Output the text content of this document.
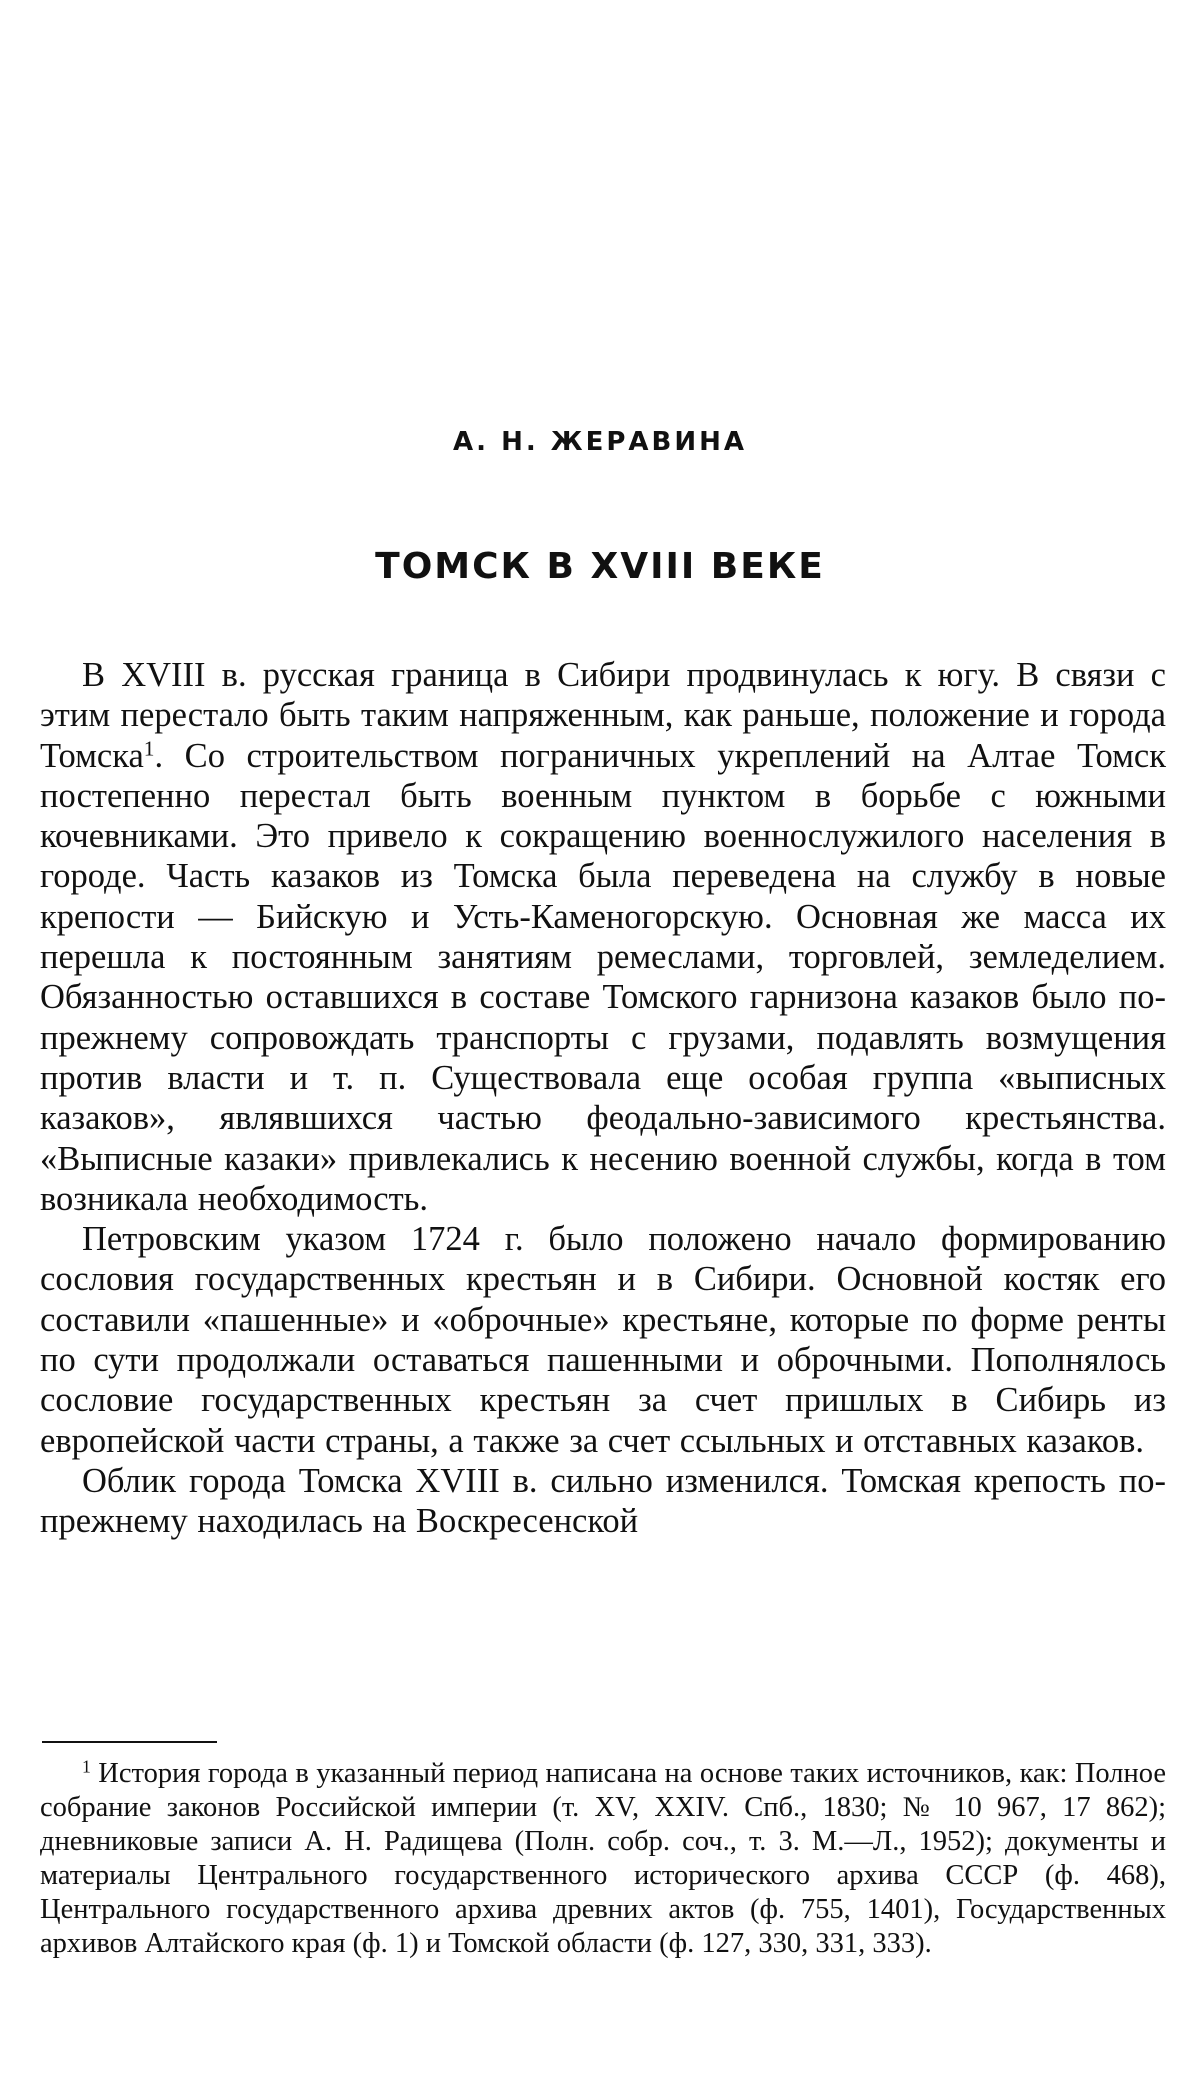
А. Н. ЖЕРАВИНА
ТОМСК В XVIII ВЕКЕ

В XVIII в. русская граница в Сибири продвинулась к югу. В связи с этим перестало быть таким напряженным, как раньше, положение и города Томска$^1$. Со строительством пограничных укреплений на Алтае Томск постепенно перестал быть военным пунктом в борьбе с южными кочевниками. Это привело к сокращению военнослужилого населения в городе. Часть казаков из Томска была переведена на службу в новые крепости — Бийскую и Усть-Каменогорскую. Основная же масса их перешла к постоянным занятиям ремеслами, торговлей, земледелием. Обязанностью оставшихся в составе Томского гарнизона казаков было по-прежнему сопровождать транспорты с грузами, подавлять возмущения против власти и т. п. Существовала еще особая группа «выписных казаков», являвшихся частью феодально-зависимого крестьянства. «Выписные казаки» привлекались к несению военной службы, когда в том возникала необходимость.

Петровским указом 1724 г. было положено начало формированию сословия государственных крестьян и в Сибири. Основной костяк его составили «пашенные» и «оброчные» крестьяне, которые по форме ренты по сути продолжали оставаться пашенными и оброчными. Пополнялось сословие государственных крестьян за счет пришлых в Сибирь из европейской части страны, а также за счет ссыльных и отставных казаков.

Облик города Томска XVIII в. сильно изменился. Томская крепость по-прежнему находилась на Воскресенской

$^1$ История города в указанный период написана на основе таких источников, как: Полное собрание законов Российской империи (т. XV, XXIV. Спб., 1830; № 10 967, 17 862); дневниковые записи А. Н. Радищева (Полн. собр. соч., т. 3. М.—Л., 1952); документы и материалы Центрального государственного исторического архива СССР (ф. 468), Центрального государственного архива древних актов (ф. 755, 1401), Государственных архивов Алтайского края (ф. 1) и Томской области (ф. 127, 330, 331, 333).
